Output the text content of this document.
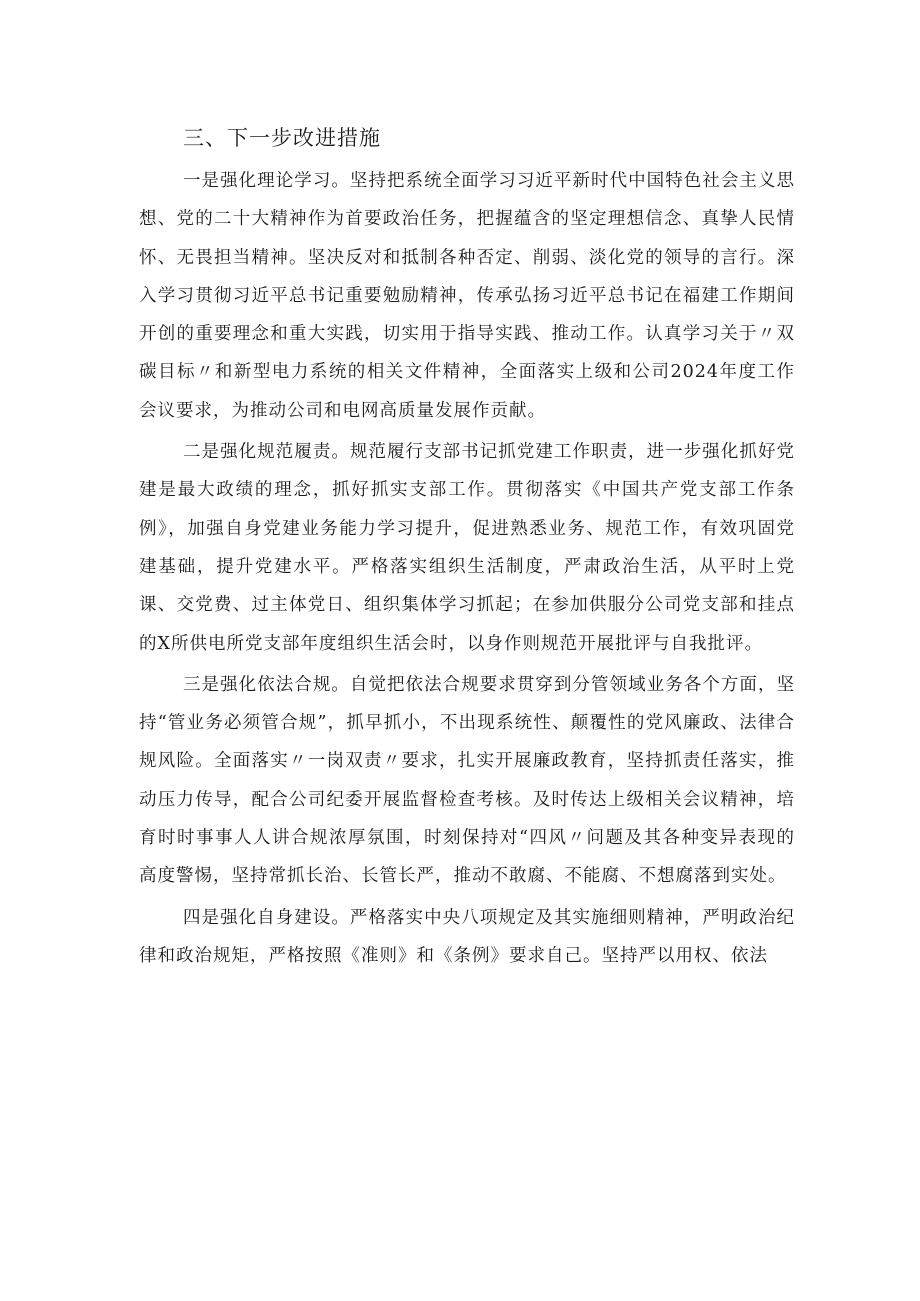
三、下一步改进措施

一是强化理论学习。坚持把系统全面学习习近平新时代中国特色社会主义思想、党的二十大精神作为首要政治任务，把握蕴含的坚定理想信念、真挚人民情怀、无畏担当精神。坚决反对和抵制各种否定、削弱、淡化党的领导的言行。深入学习贯彻习近平总书记重要勉励精神，传承弘扬习近平总书记在福建工作期间开创的重要理念和重大实践，切实用于指导实践、推动工作。认真学习关于〃双碳目标〃和新型电力系统的相关文件精神，全面落实上级和公司2024年度工作会议要求，为推动公司和电网高质量发展作贡献。

二是强化规范履责。规范履行支部书记抓党建工作职责，进一步强化抓好党建是最大政绩的理念，抓好抓实支部工作。贯彻落实《中国共产党支部工作条例》，加强自身党建业务能力学习提升，促进熟悉业务、规范工作，有效巩固党建基础，提升党建水平。严格落实组织生活制度，严肃政治生活，从平时上党课、交党费、过主体党日、组织集体学习抓起；在参加供服分公司党支部和挂点的X所供电所党支部年度组织生活会时，以身作则规范开展批评与自我批评。

三是强化依法合规。自觉把依法合规要求贯穿到分管领域业务各个方面，坚持“管业务必须管合规”，抓早抓小，不出现系统性、颠覆性的党风廉政、法律合规风险。全面落实〃一岗双责〃要求，扎实开展廉政教育，坚持抓责任落实，推动压力传导，配合公司纪委开展监督检查考核。及时传达上级相关会议精神，培育时时事事人人讲合规浓厚氛围，时刻保持对“四风〃问题及其各种变异表现的高度警惕，坚持常抓长治、长管长严，推动不敢腐、不能腐、不想腐落到实处。

四是强化自身建设。严格落实中央八项规定及其实施细则精神，严明政治纪律和政治规矩，严格按照《准则》和《条例》要求自己。坚持严以用权、依法
